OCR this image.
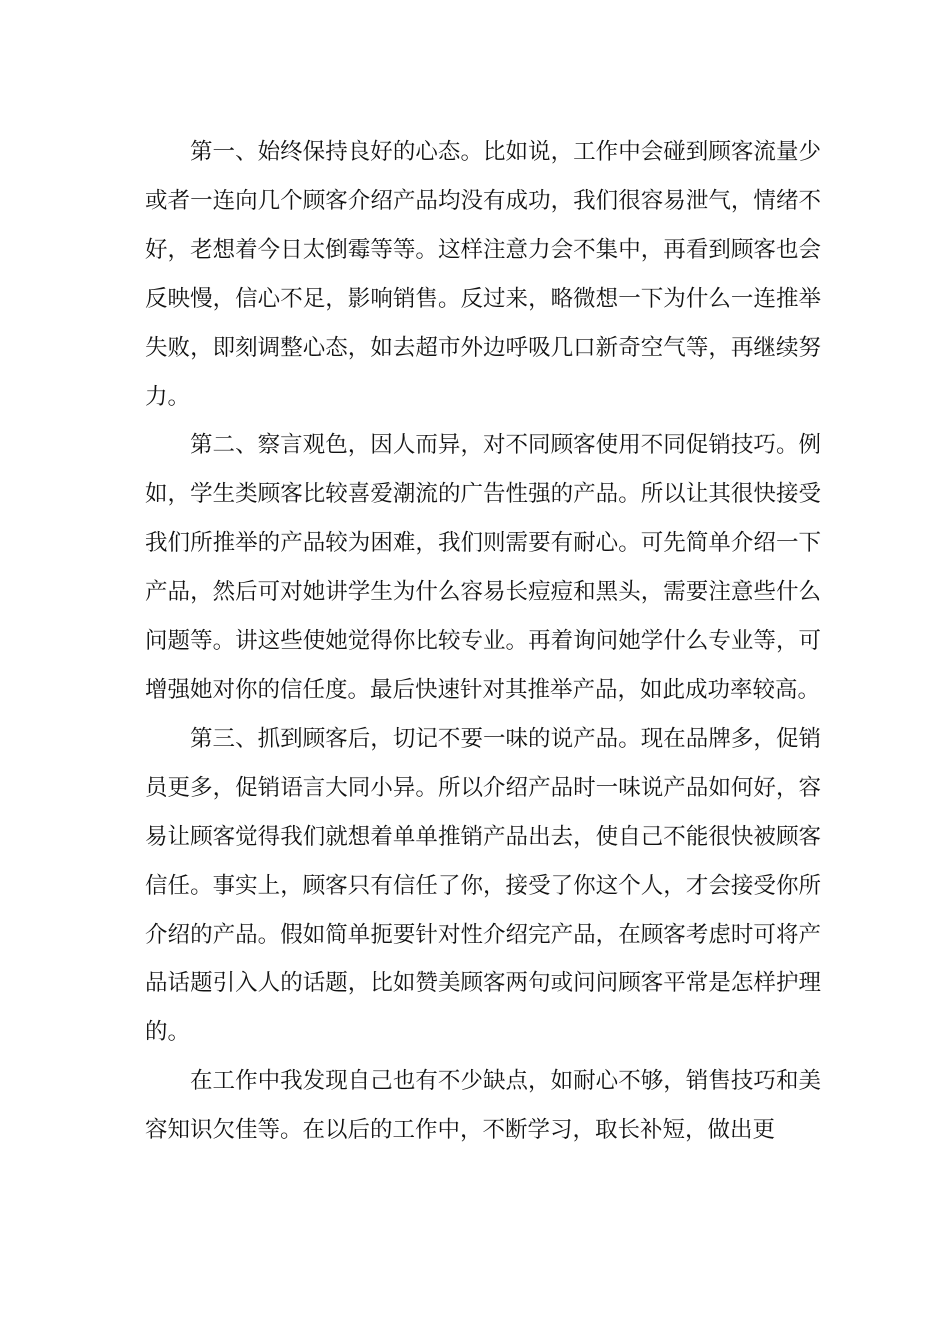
第一、始终保持良好的心态。比如说，工作中会碰到顾客流量少或者一连向几个顾客介绍产品均没有成功，我们很容易泄气，情绪不好，老想着今日太倒霉等等。这样注意力会不集中，再看到顾客也会反映慢，信心不足，影响销售。反过来，略微想一下为什么一连推举失败，即刻调整心态，如去超市外边呼吸几口新奇空气等，再继续努力。

第二、察言观色，因人而异，对不同顾客使用不同促销技巧。例如，学生类顾客比较喜爱潮流的广告性强的产品。所以让其很快接受我们所推举的产品较为困难，我们则需要有耐心。可先简单介绍一下产品，然后可对她讲学生为什么容易长痘痘和黑头，需要注意些什么问题等。讲这些使她觉得你比较专业。再着询问她学什么专业等，可增强她对你的信任度。最后快速针对其推举产品，如此成功率较高。

第三、抓到顾客后，切记不要一味的说产品。现在品牌多，促销员更多，促销语言大同小异。所以介绍产品时一味说产品如何好，容易让顾客觉得我们就想着单单推销产品出去，使自己不能很快被顾客信任。事实上，顾客只有信任了你，接受了你这个人，才会接受你所介绍的产品。假如简单扼要针对性介绍完产品，在顾客考虑时可将产品话题引入人的话题，比如赞美顾客两句或问问顾客平常是怎样护理的。

在工作中我发现自己也有不少缺点，如耐心不够，销售技巧和美容知识欠佳等。在以后的工作中，不断学习，取长补短，做出更
